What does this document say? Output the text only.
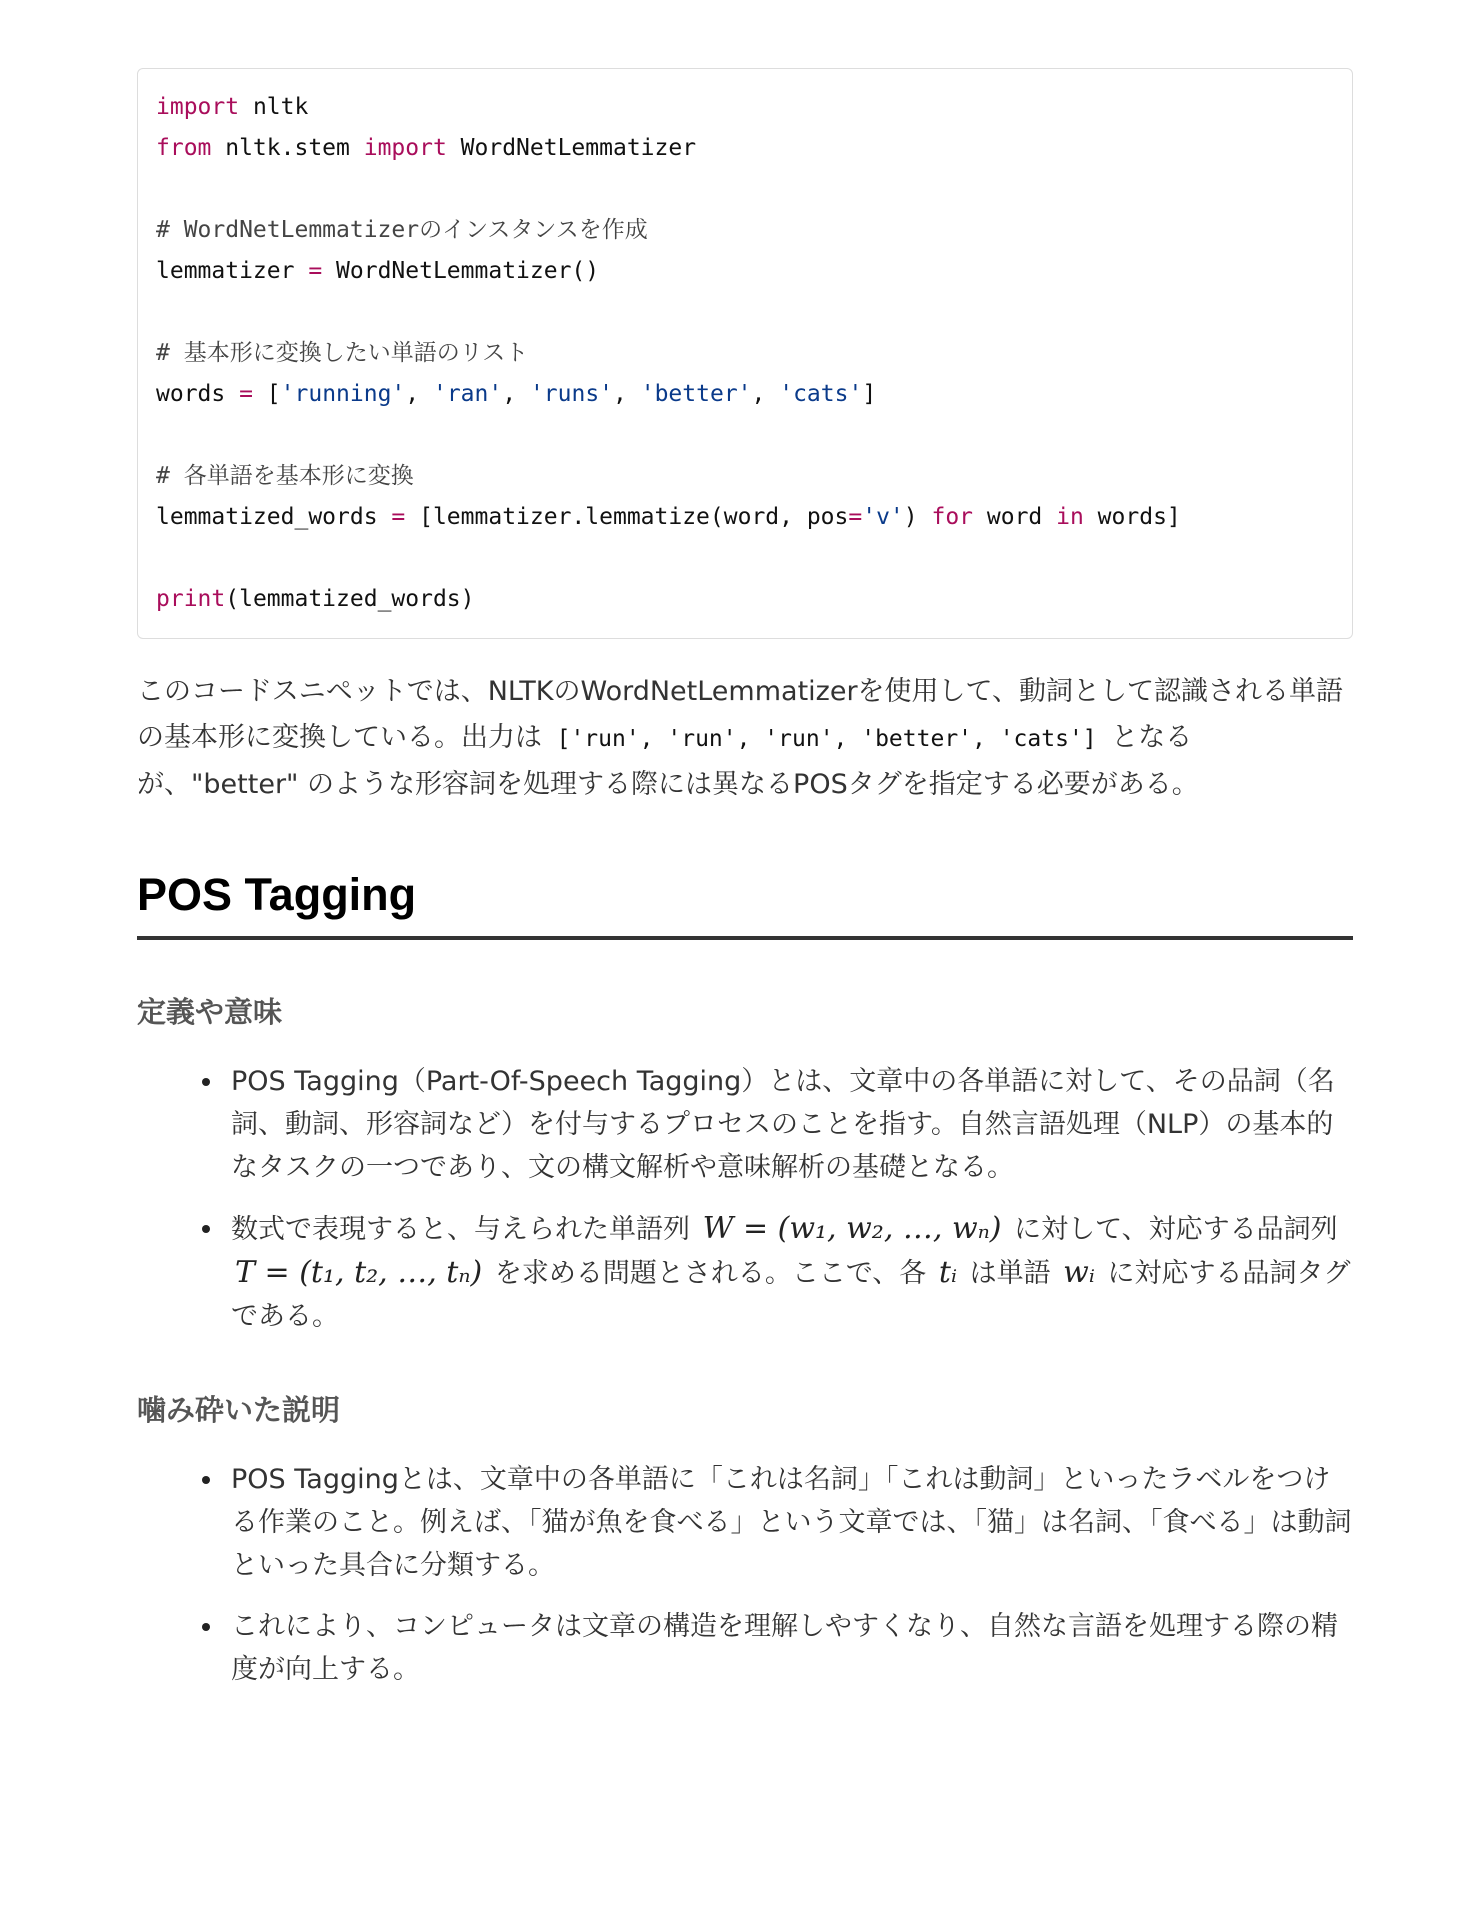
import nltk
from nltk.stem import WordNetLemmatizer
# WordNetLemmatizerのインスタンスを作成
lemmatizer = WordNetLemmatizer()
# 基本形に変換したい単語のリスト
words = ['running', 'ran', 'runs', 'better', 'cats']
# 各単語を基本形に変換
lemmatized_words = [lemmatizer.lemmatize(word, pos='v') for word in words]
print(lemmatized_words)
このコードスニペットでは、NLTKのWordNetLemmatizerを使用して、動詞として認識される単語の基本形に変換している。出力は ['run', 'run', 'run', 'better', 'cats'] となるが、"better" のような形容詞を処理する際には異なるPOSタグを指定する必要がある。
POS Tagging
定義や意味
POS Tagging（Part-Of-Speech Tagging）とは、文章中の各単語に対して、その品詞（名詞、動詞、形容詞など）を付与するプロセスのことを指す。自然言語処理（NLP）の基本的なタスクの一つであり、文の構文解析や意味解析の基礎となる。
数式で表現すると、与えられた単語列 W = (w₁, w₂, …, wₙ) に対して、対応する品詞列 T = (t₁, t₂, …, tₙ) を求める問題とされる。ここで、各 tᵢ は単語 wᵢ に対応する品詞タグである。
噛み砕いた説明
POS Taggingとは、文章中の各単語に「これは名詞」「これは動詞」といったラベルをつける作業のこと。例えば、「猫が魚を食べる」という文章では、「猫」は名詞、「食べる」は動詞といった具合に分類する。
これにより、コンピュータは文章の構造を理解しやすくなり、自然な言語を処理する際の精度が向上する。
